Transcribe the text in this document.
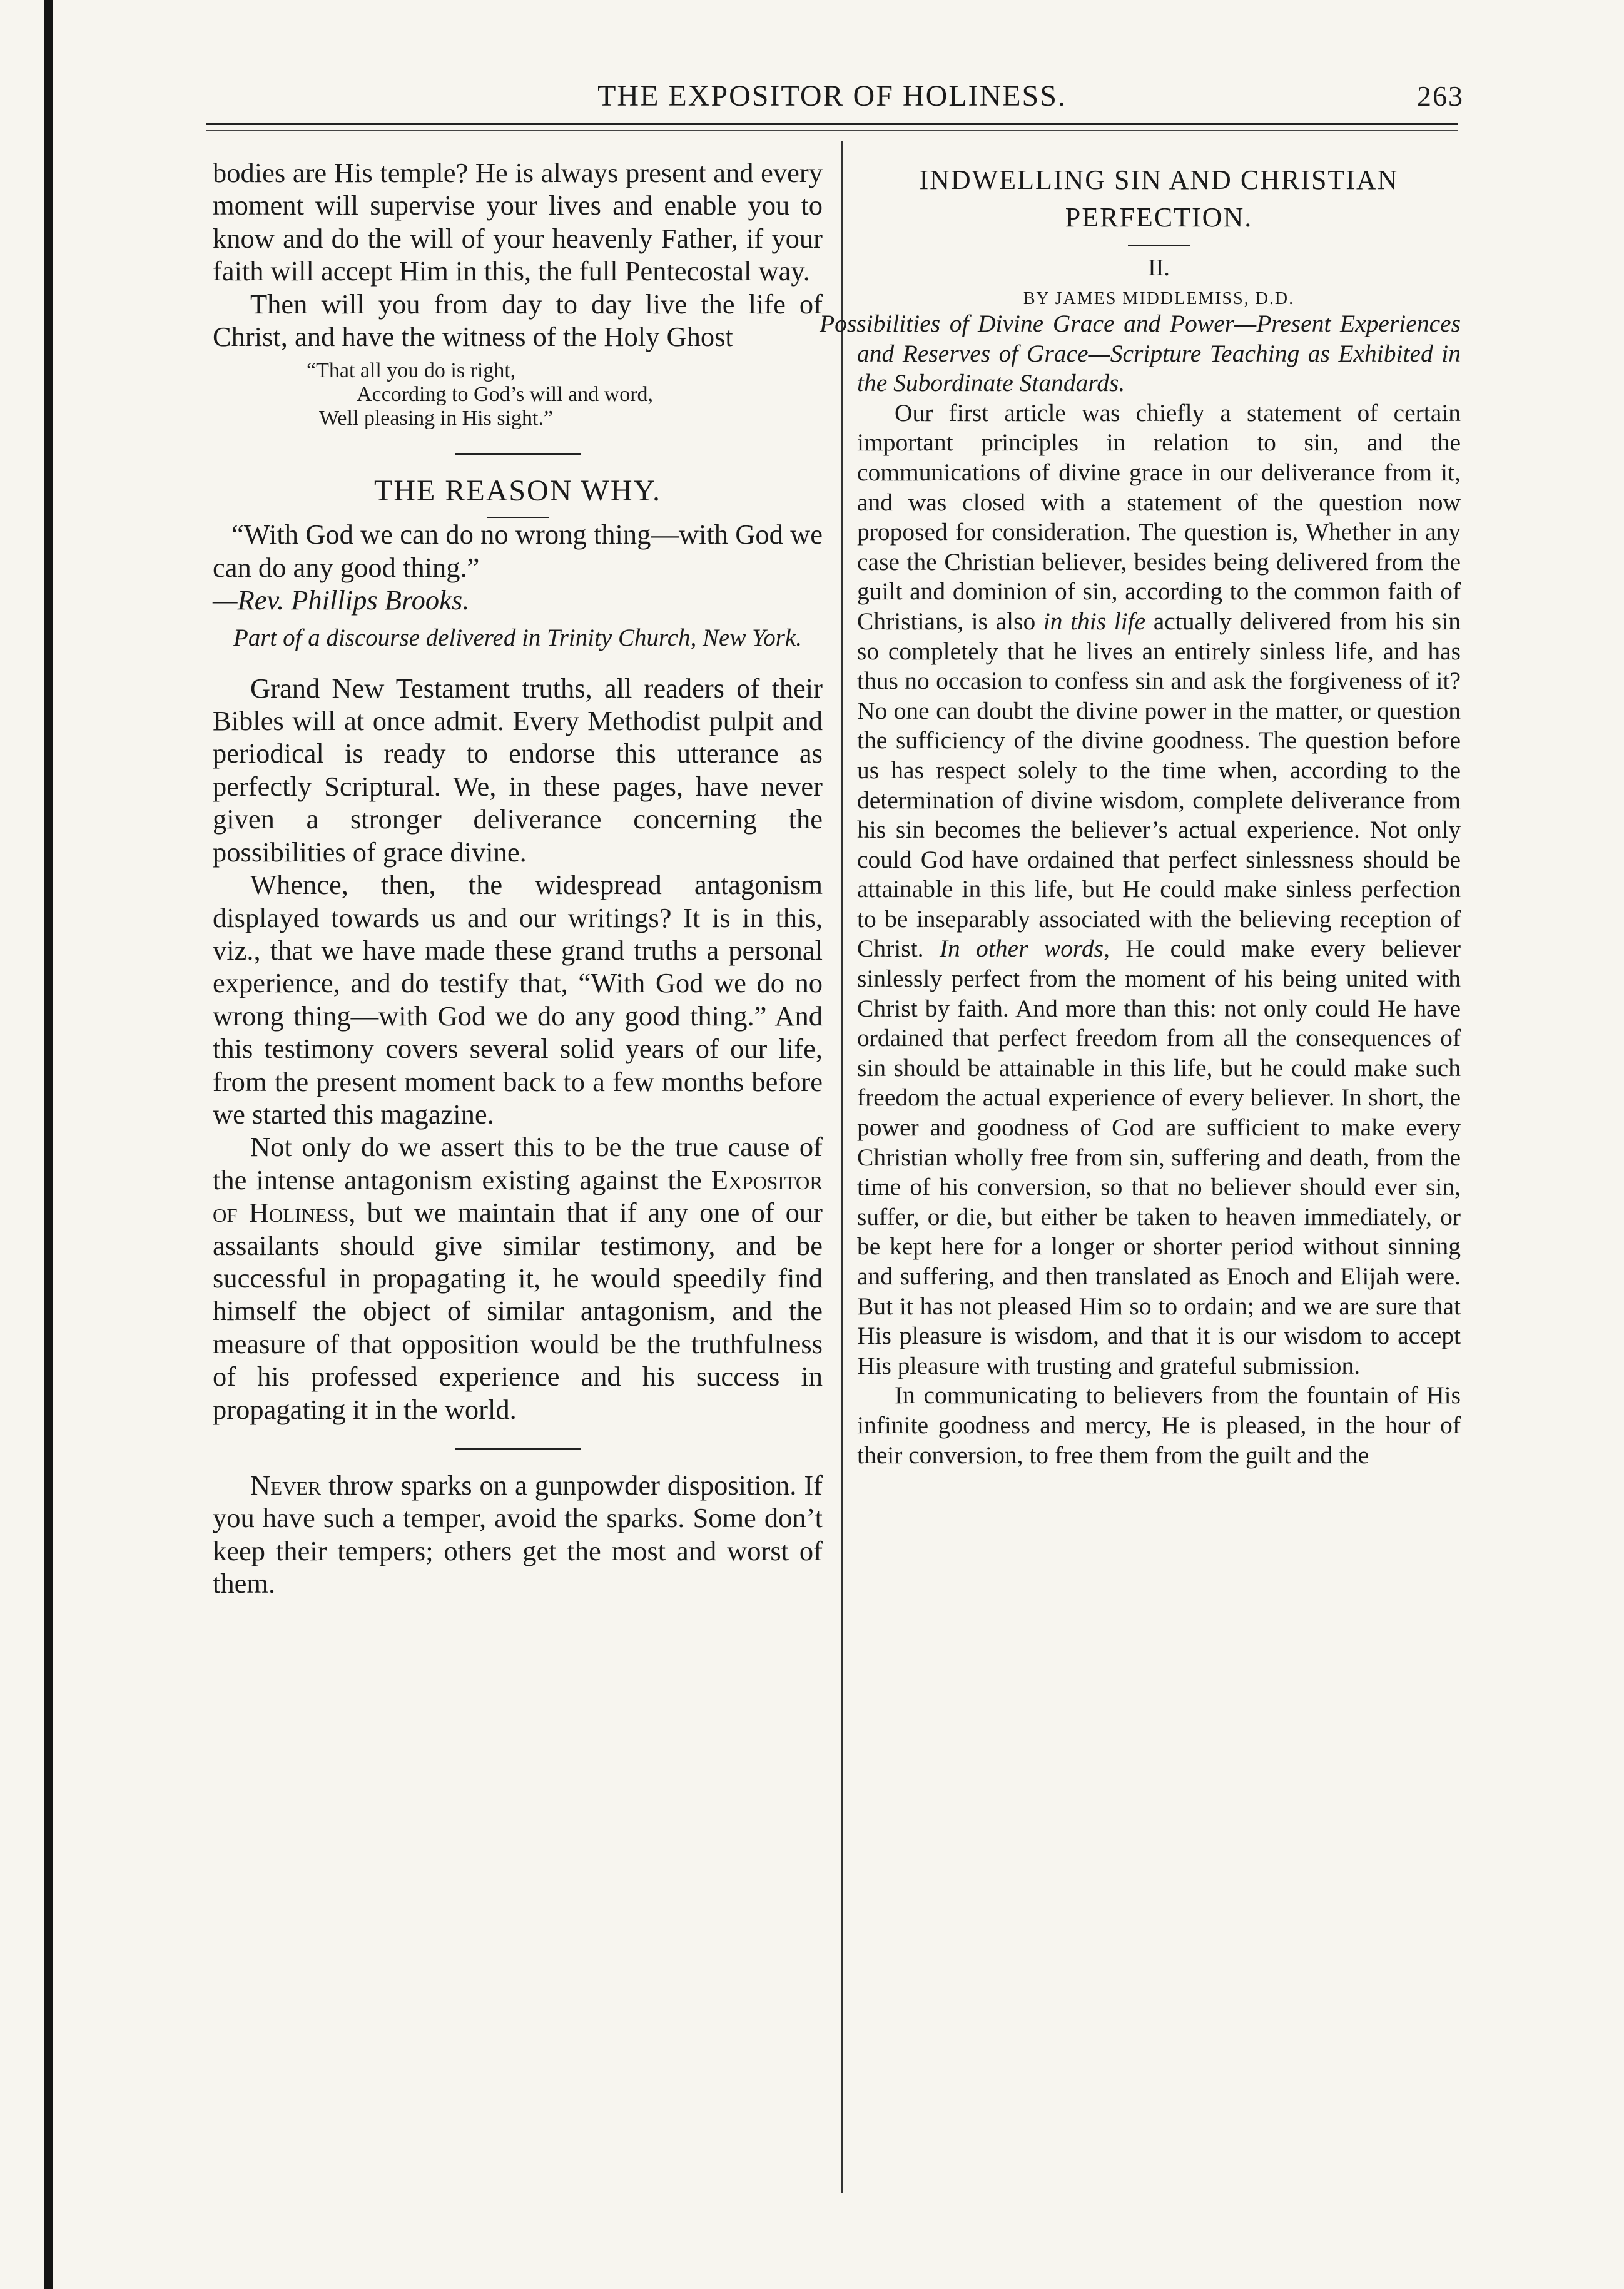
THE EXPOSITOR OF HOLINESS.	263

bodies are His temple? He is always present and every moment will supervise your lives and enable you to know and do the will of your heavenly Father, if your faith will accept Him in this, the full Pentecostal way.

Then will you from day to day live the life of Christ, and have the witness of the Holy Ghost

“That all you do is right,
According to God’s will and word,
Well pleasing in His sight.”
THE REASON WHY.

“With God we can do no wrong thing—with God we can do any good thing.”

—Rev. Phillips Brooks.

Part of a discourse delivered in Trinity Church, New York.

Grand New Testament truths, all readers of their Bibles will at once admit. Every Methodist pulpit and periodical is ready to endorse this utterance as perfectly Scriptural. We, in these pages, have never given a stronger deliverance concerning the possibilities of grace divine.

Whence, then, the widespread antagonism displayed towards us and our writings? It is in this, viz., that we have made these grand truths a personal experience, and do testify that, “With God we do no wrong thing—with God we do any good thing.” And this testimony covers several solid years of our life, from the present moment back to a few months before we started this magazine.

Not only do we assert this to be the true cause of the intense antagonism existing against the Expositor of Holiness, but we maintain that if any one of our assailants should give similar testimony, and be successful in propagating it, he would speedily find himself the object of similar antagonism, and the measure of that opposition would be the truthfulness of his professed experience and his success in propagating it in the world.

Never throw sparks on a gunpowder disposition. If you have such a temper, avoid the sparks. Some don’t keep their tempers; others get the most and worst of them.

INDWELLING SIN AND CHRISTIAN PERFECTION.
II.
BY JAMES MIDDLEMISS, D.D.

Possibilities of Divine Grace and Power—Present Experiences and Reserves of Grace—Scripture Teaching as Exhibited in the Subordinate Standards.

Our first article was chiefly a statement of certain important principles in relation to sin, and the communications of divine grace in our deliverance from it, and was closed with a statement of the question now proposed for consideration. The question is, Whether in any case the Christian believer, besides being delivered from the guilt and dominion of sin, according to the common faith of Christians, is also in this life actually delivered from his sin so completely that he lives an entirely sinless life, and has thus no occasion to confess sin and ask the forgiveness of it? No one can doubt the divine power in the matter, or question the sufficiency of the divine goodness. The question before us has respect solely to the time when, according to the determination of divine wisdom, complete deliverance from his sin becomes the believer’s actual experience. Not only could God have ordained that perfect sinlessness should be attainable in this life, but He could make sinless perfection to be inseparably associated with the believing reception of Christ. In other words, He could make every believer sinlessly perfect from the moment of his being united with Christ by faith. And more than this: not only could He have ordained that perfect freedom from all the consequences of sin should be attainable in this life, but he could make such freedom the actual experience of every believer. In short, the power and goodness of God are sufficient to make every Christian wholly free from sin, suffering and death, from the time of his conversion, so that no believer should ever sin, suffer, or die, but either be taken to heaven immediately, or be kept here for a longer or shorter period without sinning and suffering, and then translated as Enoch and Elijah were. But it has not pleased Him so to ordain; and we are sure that His pleasure is wisdom, and that it is our wisdom to accept His pleasure with trusting and grateful submission.

In communicating to believers from the fountain of His infinite goodness and mercy, He is pleased, in the hour of their conversion, to free them from the guilt and the
